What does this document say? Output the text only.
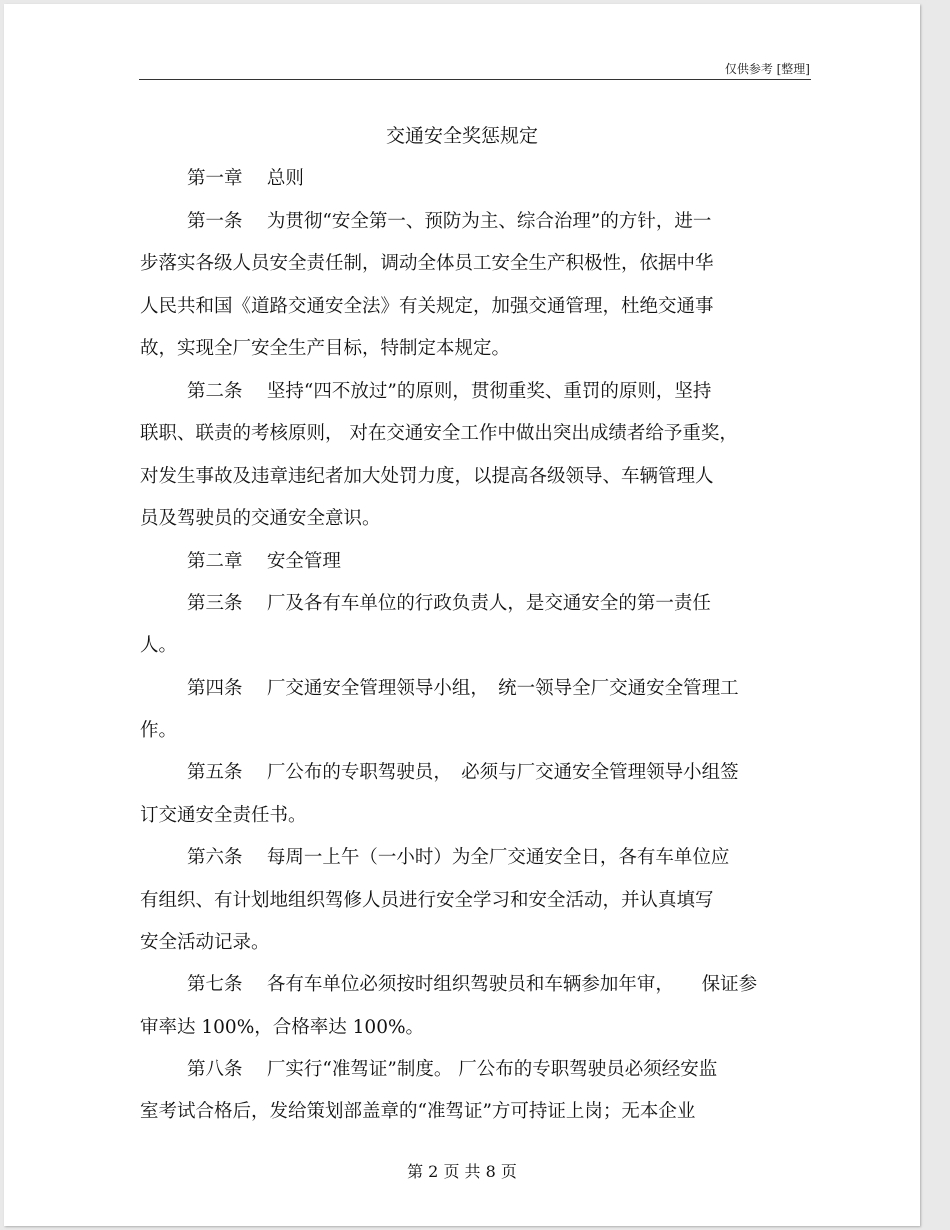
仅供参考 [整理]
交通安全奖惩规定
第一章　 总则
第一条　 为贯彻“安全第一、预防为主、综合治理”的方针，进一
步落实各级人员安全责任制，调动全体员工安全生产积极性，依据中华
人民共和国《道路交通安全法》有关规定，加强交通管理，杜绝交通事
故，实现全厂安全生产目标，特制定本规定。
第二条　 坚持“四不放过”的原则，贯彻重奖、重罚的原则，坚持
联职、联责的考核原则， 对在交通安全工作中做出突出成绩者给予重奖，
对发生事故及违章违纪者加大处罚力度，以提高各级领导、车辆管理人
员及驾驶员的交通安全意识。
第二章　 安全管理
第三条　 厂及各有车单位的行政负责人，是交通安全的第一责任
人。
第四条　 厂交通安全管理领导小组，　统一领导全厂交通安全管理工
作。
第五条　 厂公布的专职驾驶员，　必须与厂交通安全管理领导小组签
订交通安全责任书。
第六条　 每周一上午（一小时）为全厂交通安全日，各有车单位应
有组织、有计划地组织驾修人员进行安全学习和安全活动，并认真填写
安全活动记录。
第七条　 各有车单位必须按时组织驾驶员和车辆参加年审，　　保证参
审率达 100%，合格率达 100%。
第八条　 厂实行“准驾证”制度。 厂公布的专职驾驶员必须经安监
室考试合格后，发给策划部盖章的“准驾证”方可持证上岗；无本企业
第 2 页 共 8 页
